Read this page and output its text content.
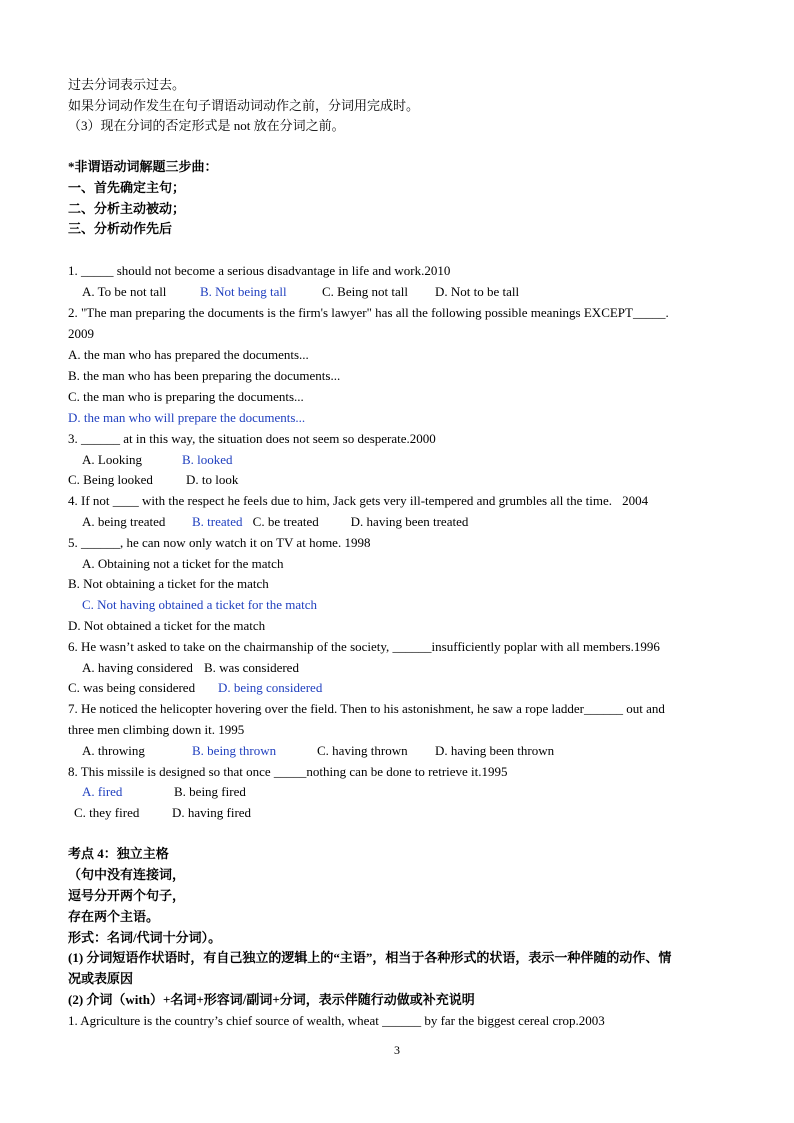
过去分词表示过去。
如果分词动作发生在句子谓语动词动作之前，分词用完成时。
（3）现在分词的否定形式是 not 放在分词之前。
*非谓语动词解题三步曲：
一、首先确定主句；
二、分析主动被动；
三、分析动作先后
1. _____ should not become a serious disadvantage in life and work.2010
A. To be not tall	B. Not being tall	C. Being not tall D. Not to be tall
2. "The man preparing the documents is the firm's lawyer" has all the following possible meanings EXCEPT_____.
2009
A. the man who has prepared the documents...
B. the man who has been preparing the documents...
C. the man who is preparing the documents...
D. the man who will prepare the documents...
3. ______ at in this way, the situation does not seem so desperate.2000
A. Looking	B. looked
C. Being looked	D. to look
4. If not ____ with the respect he feels due to him, Jack gets very ill-tempered and grumbles all the time. 2004
A. being treated B. treated C. be treated D. having been treated
5. ______, he can now only watch it on TV at home. 1998
A. Obtaining not a ticket for the match
B. Not obtaining a ticket for the match
C. Not having obtained a ticket for the match
D. Not obtained a ticket for the match
6. He wasn’t asked to take on the chairmanship of the society, ______insufficiently poplar with all members.1996
A. having considered B. was considered
C. was being considered D. being considered
7. He noticed the helicopter hovering over the field. Then to his astonishment, he saw a rope ladder______ out and
three men climbing down it. 1995
A. throwing	B. being thrown	C. having thrown D. having been thrown
8. This missile is designed so that once _____nothing can be done to retrieve it.1995
A. fired	B. being fired
C. they fired	D. having fired
考点 4：独立主格
（句中没有连接词，
逗号分开两个句子，
存在两个主语。
形式：名词/代词十分词）。
(1) 分词短语作状语时，有自己独立的逻辑上的“主语”，相当于各种形式的状语，表示一种伴随的动作、情
况或表原因
(2) 介词（with）+名词+形容词/副词+分词，表示伴随行动做或补充说明
1. Agriculture is the country’s chief source of wealth, wheat ______ by far the biggest cereal crop.2003
3
